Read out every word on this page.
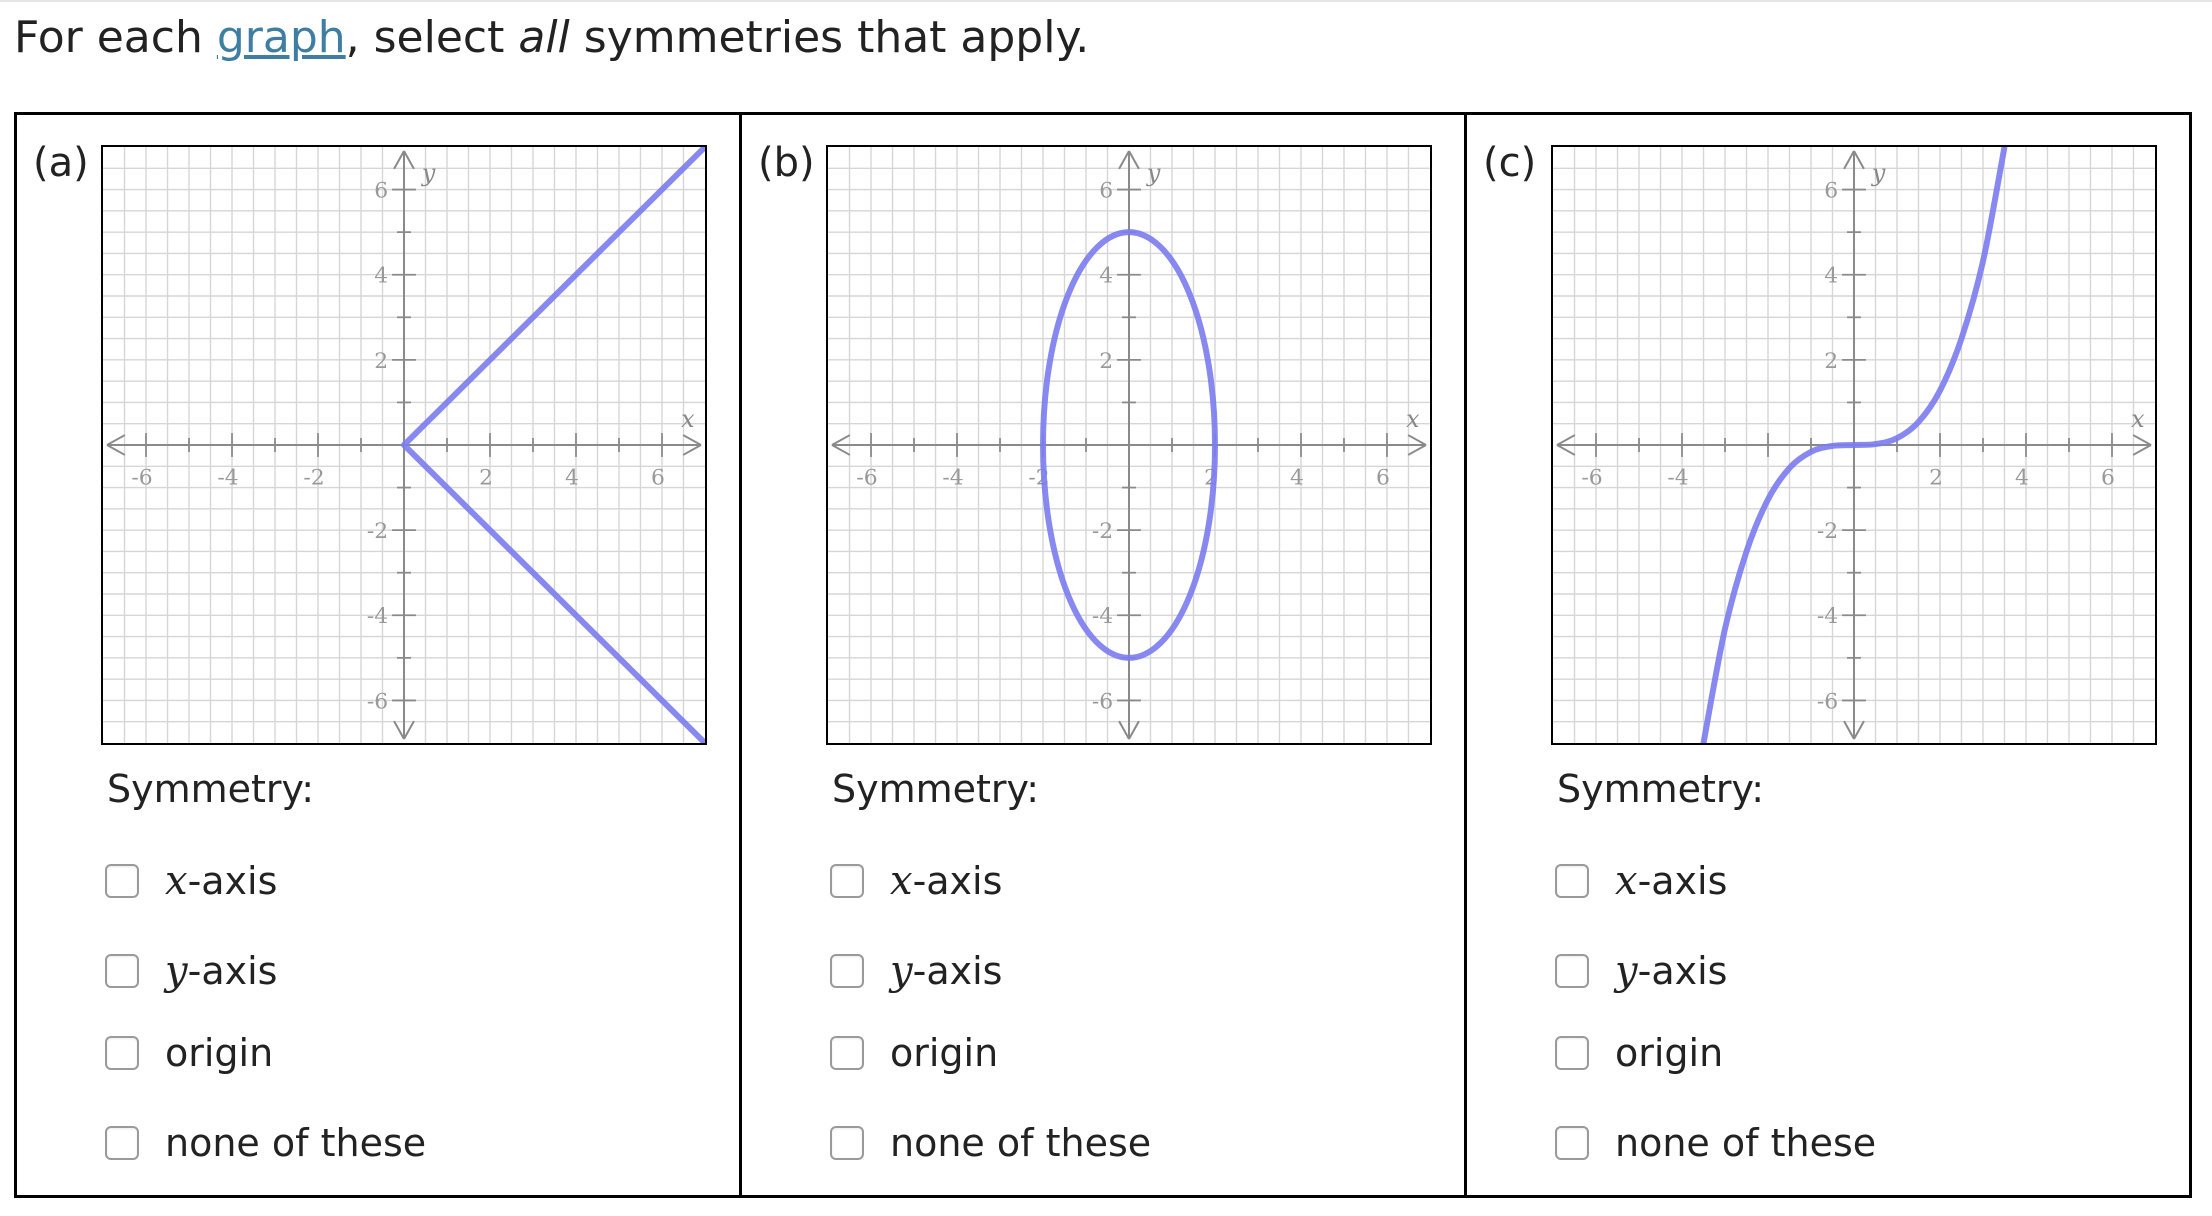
For each graph, select all symmetries that apply.
(a)
-6	-4	-2	2	4	6
6
4
2
-2
-4
-6
x
y
Symmetry:
x-axis
y-axis
origin
none of these
(b)
-6	-4	-2	2	4	6
6
4
2
-2
-4
-6
x
y
Symmetry:
x-axis
y-axis
origin
none of these
(c)
-6	-4	2	4	6
6
4
2
-2
-4
-6
x
y
Symmetry:
x-axis
y-axis
origin
none of these
